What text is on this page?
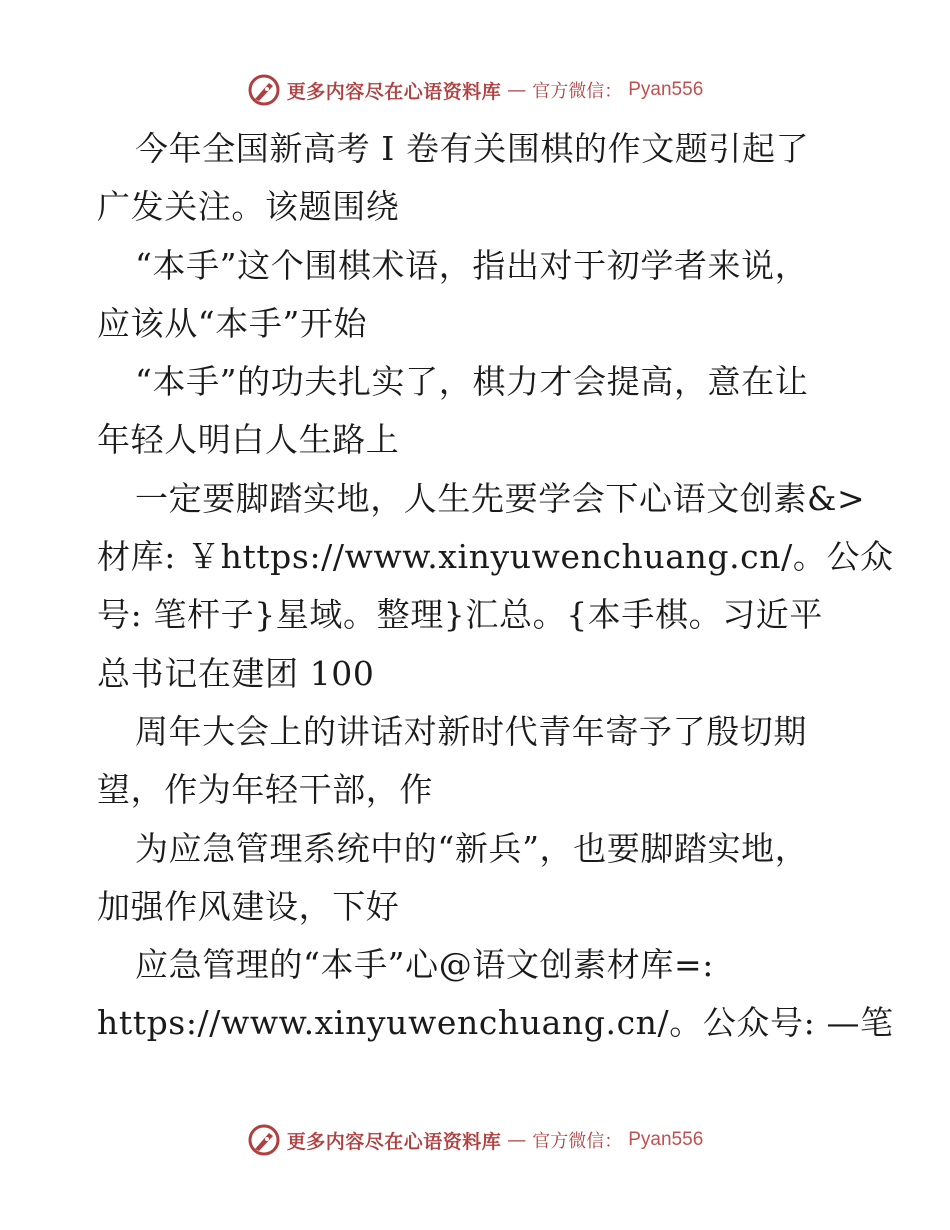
更多内容尽在心语资料库 — 官方微信： Pyan556
今年全国新高考 Ⅰ 卷有关围棋的作文题引起了
广发关注。该题围绕
“本手”这个围棋术语，指出对于初学者来说，
应该从“本手”开始
“本手”的功夫扎实了，棋力才会提高，意在让
年轻人明白人生路上
一定要脚踏实地，人生先要学会下心语文创素&>
材库: ￥https://www.xinyuwenchuang.cn/。公众
号: 笔杆子}星域。整理}汇总。{本手棋。习近平
总书记在建团 100
周年大会上的讲话对新时代青年寄予了殷切期
望，作为年轻干部，作
为应急管理系统中的“新兵”，也要脚踏实地，
加强作风建设，下好
应急管理的“本手”心@语文创素材库=:
https://www.xinyuwenchuang.cn/。公众号: —笔
更多内容尽在心语资料库 — 官方微信： Pyan556
